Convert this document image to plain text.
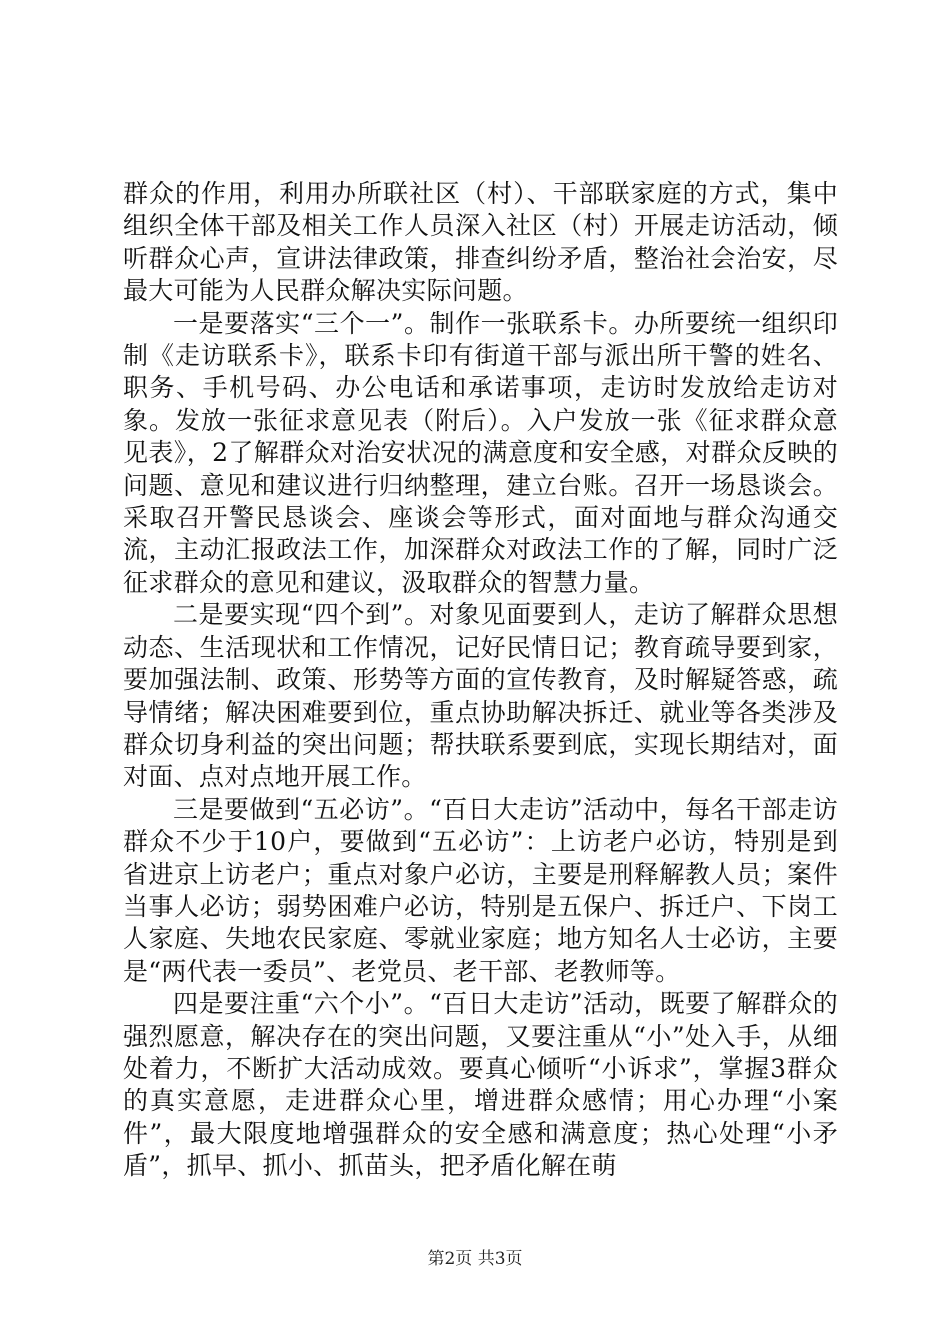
群众的作用，利用办所联社区（村）、干部联家庭的方式，集中组织全体干部及相关工作人员深入社区（村）开展走访活动，倾听群众心声，宣讲法律政策，排查纠纷矛盾，整治社会治安，尽最大可能为人民群众解决实际问题。

一是要落实“三个一”。制作一张联系卡。办所要统一组织印制《走访联系卡》，联系卡印有街道干部与派出所干警的姓名、职务、手机号码、办公电话和承诺事项，走访时发放给走访对象。发放一张征求意见表（附后）。入户发放一张《征求群众意见表》，2了解群众对治安状况的满意度和安全感，对群众反映的问题、意见和建议进行归纳整理，建立台账。召开一场恳谈会。采取召开警民恳谈会、座谈会等形式，面对面地与群众沟通交流，主动汇报政法工作，加深群众对政法工作的了解，同时广泛征求群众的意见和建议，汲取群众的智慧力量。

二是要实现“四个到”。对象见面要到人，走访了解群众思想动态、生活现状和工作情况，记好民情日记；教育疏导要到家，要加强法制、政策、形势等方面的宣传教育，及时解疑答惑，疏导情绪；解决困难要到位，重点协助解决拆迁、就业等各类涉及群众切身利益的突出问题；帮扶联系要到底，实现长期结对，面对面、点对点地开展工作。

三是要做到“五必访”。“百日大走访”活动中，每名干部走访群众不少于10户，要做到“五必访”：上访老户必访，特别是到省进京上访老户；重点对象户必访，主要是刑释解教人员；案件当事人必访；弱势困难户必访，特别是五保户、拆迁户、下岗工人家庭、失地农民家庭、零就业家庭；地方知名人士必访，主要是“两代表一委员”、老党员、老干部、老教师等。

四是要注重“六个小”。“百日大走访”活动，既要了解群众的强烈愿意，解决存在的突出问题，又要注重从“小”处入手，从细处着力，不断扩大活动成效。要真心倾听“小诉求”，掌握3群众的真实意愿，走进群众心里，增进群众感情；用心办理“小案件”，最大限度地增强群众的安全感和满意度；热心处理“小矛盾”，抓早、抓小、抓苗头，把矛盾化解在萌

第2页 共3页
